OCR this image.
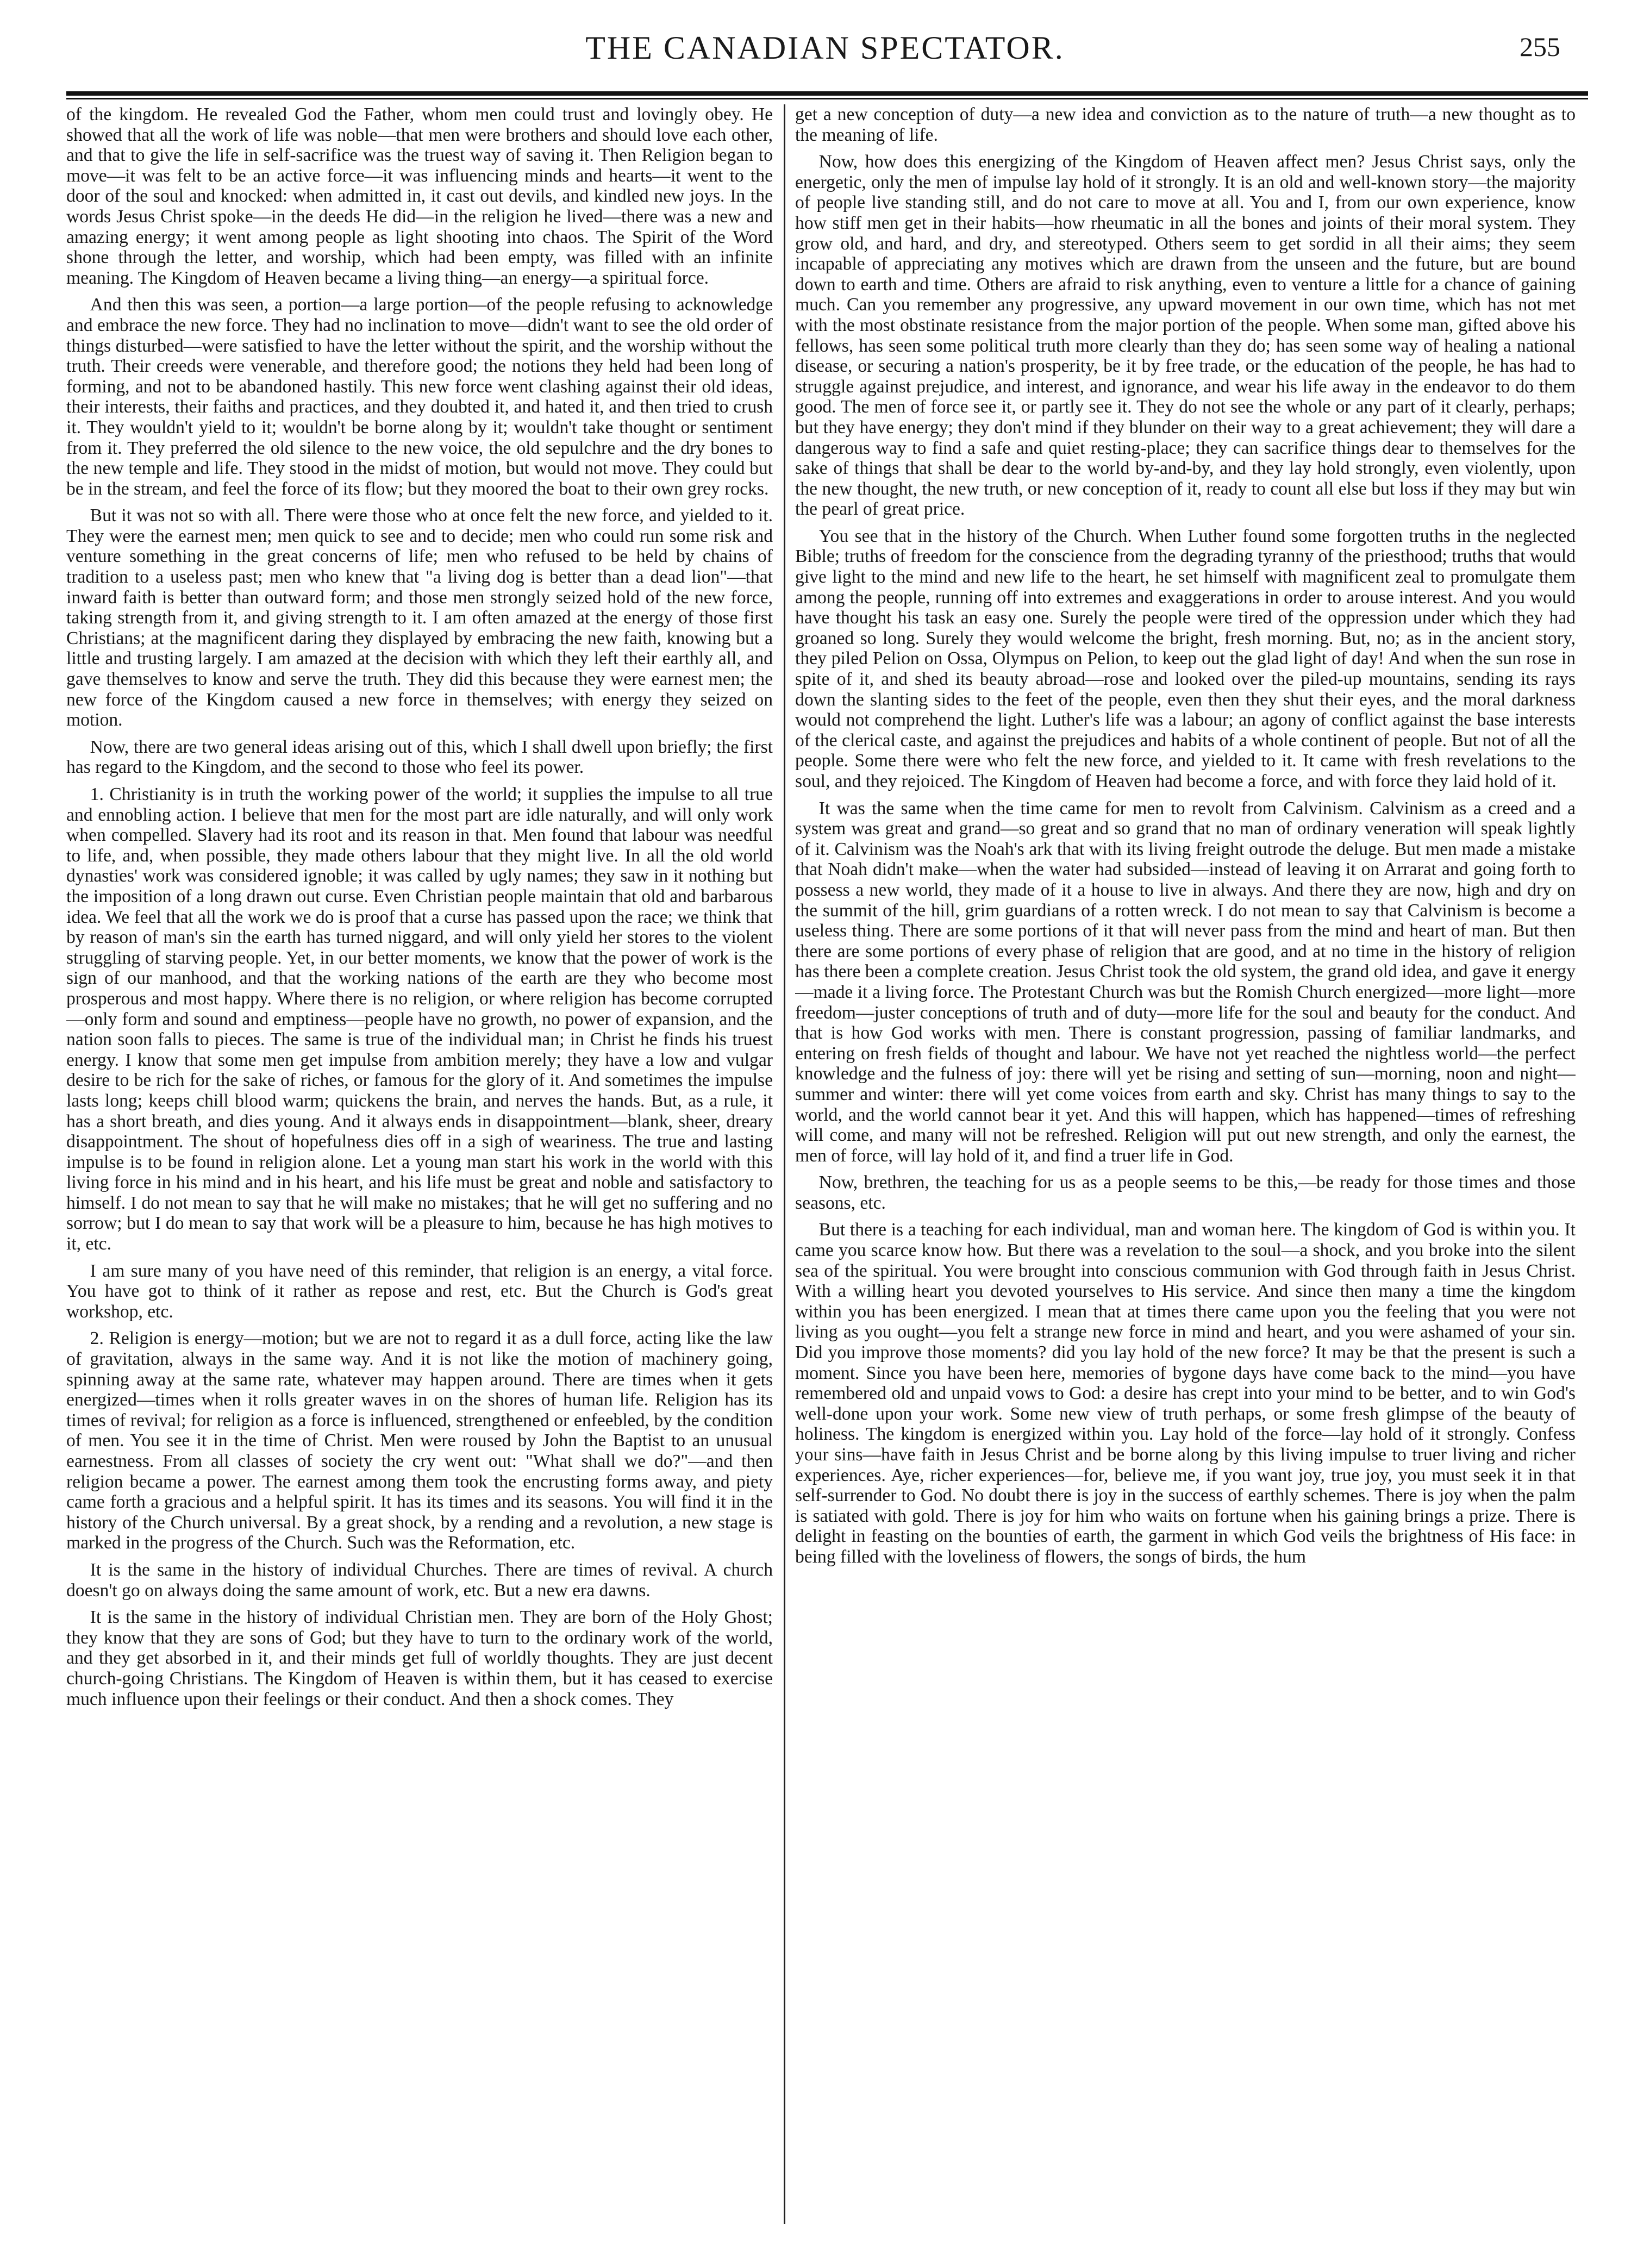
THE CANADIAN SPECTATOR.	255

of the kingdom. He revealed God the Father, whom men could trust and lovingly obey. He showed that all the work of life was noble—that men were brothers and should love each other, and that to give the life in self-sacrifice was the truest way of saving it. Then Religion began to move—it was felt to be an active force—it was influencing minds and hearts—it went to the door of the soul and knocked: when admitted in, it cast out devils, and kindled new joys. In the words Jesus Christ spoke—in the deeds He did—in the religion he lived—there was a new and amazing energy; it went among people as light shooting into chaos. The Spirit of the Word shone through the letter, and worship, which had been empty, was filled with an infinite meaning. The Kingdom of Heaven became a living thing—an energy—a spiritual force.

And then this was seen, a portion—a large portion—of the people refusing to acknowledge and embrace the new force. They had no inclination to move—didn't want to see the old order of things disturbed—were satisfied to have the letter without the spirit, and the worship without the truth. Their creeds were venerable, and therefore good; the notions they held had been long of forming, and not to be abandoned hastily. This new force went clashing against their old ideas, their interests, their faiths and practices, and they doubted it, and hated it, and then tried to crush it. They wouldn't yield to it; wouldn't be borne along by it; wouldn't take thought or sentiment from it. They preferred the old silence to the new voice, the old sepulchre and the dry bones to the new temple and life. They stood in the midst of motion, but would not move. They could but be in the stream, and feel the force of its flow; but they moored the boat to their own grey rocks.

But it was not so with all. There were those who at once felt the new force, and yielded to it. They were the earnest men; men quick to see and to decide; men who could run some risk and venture something in the great concerns of life; men who refused to be held by chains of tradition to a useless past; men who knew that "a living dog is better than a dead lion"—that inward faith is better than outward form; and those men strongly seized hold of the new force, taking strength from it, and giving strength to it. I am often amazed at the energy of those first Christians; at the magnificent daring they displayed by embracing the new faith, knowing but a little and trusting largely. I am amazed at the decision with which they left their earthly all, and gave themselves to know and serve the truth. They did this because they were earnest men; the new force of the Kingdom caused a new force in themselves; with energy they seized on motion.

Now, there are two general ideas arising out of this, which I shall dwell upon briefly; the first has regard to the Kingdom, and the second to those who feel its power.

1. Christianity is in truth the working power of the world; it supplies the impulse to all true and ennobling action. I believe that men for the most part are idle naturally, and will only work when compelled. Slavery had its root and its reason in that. Men found that labour was needful to life, and, when possible, they made others labour that they might live. In all the old world dynasties' work was considered ignoble; it was called by ugly names; they saw in it nothing but the imposition of a long drawn out curse. Even Christian people maintain that old and barbarous idea. We feel that all the work we do is proof that a curse has passed upon the race; we think that by reason of man's sin the earth has turned niggard, and will only yield her stores to the violent struggling of starving people. Yet, in our better moments, we know that the power of work is the sign of our manhood, and that the working nations of the earth are they who become most prosperous and most happy. Where there is no religion, or where religion has become corrupted—only form and sound and emptiness—people have no growth, no power of expansion, and the nation soon falls to pieces. The same is true of the individual man; in Christ he finds his truest energy. I know that some men get impulse from ambition merely; they have a low and vulgar desire to be rich for the sake of riches, or famous for the glory of it. And sometimes the impulse lasts long; keeps chill blood warm; quickens the brain, and nerves the hands. But, as a rule, it has a short breath, and dies young. And it always ends in disappointment—blank, sheer, dreary disappointment. The shout of hopefulness dies off in a sigh of weariness. The true and lasting impulse is to be found in religion alone. Let a young man start his work in the world with this living force in his mind and in his heart, and his life must be great and noble and satisfactory to himself. I do not mean to say that he will make no mistakes; that he will get no suffering and no sorrow; but I do mean to say that work will be a pleasure to him, because he has high motives to it, etc.

I am sure many of you have need of this reminder, that religion is an energy, a vital force. You have got to think of it rather as repose and rest, etc. But the Church is God's great workshop, etc.

2. Religion is energy—motion; but we are not to regard it as a dull force, acting like the law of gravitation, always in the same way. And it is not like the motion of machinery going, spinning away at the same rate, whatever may happen around. There are times when it gets energized—times when it rolls greater waves in on the shores of human life. Religion has its times of revival; for religion as a force is influenced, strengthened or enfeebled, by the condition of men. You see it in the time of Christ. Men were roused by John the Baptist to an unusual earnestness. From all classes of society the cry went out: "What shall we do?"—and then religion became a power. The earnest among them took the encrusting forms away, and piety came forth a gracious and a helpful spirit. It has its times and its seasons. You will find it in the history of the Church universal. By a great shock, by a rending and a revolution, a new stage is marked in the progress of the Church. Such was the Reformation, etc.

It is the same in the history of individual Churches. There are times of revival. A church doesn't go on always doing the same amount of work, etc. But a new era dawns.

It is the same in the history of individual Christian men. They are born of the Holy Ghost; they know that they are sons of God; but they have to turn to the ordinary work of the world, and they get absorbed in it, and their minds get full of worldly thoughts. They are just decent church-going Christians. The Kingdom of Heaven is within them, but it has ceased to exercise much influence upon their feelings or their conduct. And then a shock comes. They

get a new conception of duty—a new idea and conviction as to the nature of truth—a new thought as to the meaning of life.

Now, how does this energizing of the Kingdom of Heaven affect men? Jesus Christ says, only the energetic, only the men of impulse lay hold of it strongly. It is an old and well-known story—the majority of people live standing still, and do not care to move at all. You and I, from our own experience, know how stiff men get in their habits—how rheumatic in all the bones and joints of their moral system. They grow old, and hard, and dry, and stereotyped. Others seem to get sordid in all their aims; they seem incapable of appreciating any motives which are drawn from the unseen and the future, but are bound down to earth and time. Others are afraid to risk anything, even to venture a little for a chance of gaining much. Can you remember any progressive, any upward movement in our own time, which has not met with the most obstinate resistance from the major portion of the people. When some man, gifted above his fellows, has seen some political truth more clearly than they do; has seen some way of healing a national disease, or securing a nation's prosperity, be it by free trade, or the education of the people, he has had to struggle against prejudice, and interest, and ignorance, and wear his life away in the endeavor to do them good. The men of force see it, or partly see it. They do not see the whole or any part of it clearly, perhaps; but they have energy; they don't mind if they blunder on their way to a great achievement; they will dare a dangerous way to find a safe and quiet resting-place; they can sacrifice things dear to themselves for the sake of things that shall be dear to the world by-and-by, and they lay hold strongly, even violently, upon the new thought, the new truth, or new conception of it, ready to count all else but loss if they may but win the pearl of great price.

You see that in the history of the Church. When Luther found some forgotten truths in the neglected Bible; truths of freedom for the conscience from the degrading tyranny of the priesthood; truths that would give light to the mind and new life to the heart, he set himself with magnificent zeal to promulgate them among the people, running off into extremes and exaggerations in order to arouse interest. And you would have thought his task an easy one. Surely the people were tired of the oppression under which they had groaned so long. Surely they would welcome the bright, fresh morning. But, no; as in the ancient story, they piled Pelion on Ossa, Olympus on Pelion, to keep out the glad light of day! And when the sun rose in spite of it, and shed its beauty abroad—rose and looked over the piled-up mountains, sending its rays down the slanting sides to the feet of the people, even then they shut their eyes, and the moral darkness would not comprehend the light. Luther's life was a labour; an agony of conflict against the base interests of the clerical caste, and against the prejudices and habits of a whole continent of people. But not of all the people. Some there were who felt the new force, and yielded to it. It came with fresh revelations to the soul, and they rejoiced. The Kingdom of Heaven had become a force, and with force they laid hold of it.

It was the same when the time came for men to revolt from Calvinism. Calvinism as a creed and a system was great and grand—so great and so grand that no man of ordinary veneration will speak lightly of it. Calvinism was the Noah's ark that with its living freight outrode the deluge. But men made a mistake that Noah didn't make—when the water had subsided—instead of leaving it on Arrarat and going forth to possess a new world, they made of it a house to live in always. And there they are now, high and dry on the summit of the hill, grim guardians of a rotten wreck. I do not mean to say that Calvinism is become a useless thing. There are some portions of it that will never pass from the mind and heart of man. But then there are some portions of every phase of religion that are good, and at no time in the history of religion has there been a complete creation. Jesus Christ took the old system, the grand old idea, and gave it energy—made it a living force. The Protestant Church was but the Romish Church energized—more light—more freedom—juster conceptions of truth and of duty—more life for the soul and beauty for the conduct. And that is how God works with men. There is constant progression, passing of familiar landmarks, and entering on fresh fields of thought and labour. We have not yet reached the nightless world—the perfect knowledge and the fulness of joy: there will yet be rising and setting of sun—morning, noon and night—summer and winter: there will yet come voices from earth and sky. Christ has many things to say to the world, and the world cannot bear it yet. And this will happen, which has happened—times of refreshing will come, and many will not be refreshed. Religion will put out new strength, and only the earnest, the men of force, will lay hold of it, and find a truer life in God.

Now, brethren, the teaching for us as a people seems to be this,—be ready for those times and those seasons, etc.

But there is a teaching for each individual, man and woman here. The kingdom of God is within you. It came you scarce know how. But there was a revelation to the soul—a shock, and you broke into the silent sea of the spiritual. You were brought into conscious communion with God through faith in Jesus Christ. With a willing heart you devoted yourselves to His service. And since then many a time the kingdom within you has been energized. I mean that at times there came upon you the feeling that you were not living as you ought—you felt a strange new force in mind and heart, and you were ashamed of your sin. Did you improve those moments? did you lay hold of the new force? It may be that the present is such a moment. Since you have been here, memories of bygone days have come back to the mind—you have remembered old and unpaid vows to God: a desire has crept into your mind to be better, and to win God's well-done upon your work. Some new view of truth perhaps, or some fresh glimpse of the beauty of holiness. The kingdom is energized within you. Lay hold of the force—lay hold of it strongly. Confess your sins—have faith in Jesus Christ and be borne along by this living impulse to truer living and richer experiences. Aye, richer experiences—for, believe me, if you want joy, true joy, you must seek it in that self-surrender to God. No doubt there is joy in the success of earthly schemes. There is joy when the palm is satiated with gold. There is joy for him who waits on fortune when his gaining brings a prize. There is delight in feasting on the bounties of earth, the garment in which God veils the brightness of His face: in being filled with the loveliness of flowers, the songs of birds, the hum
